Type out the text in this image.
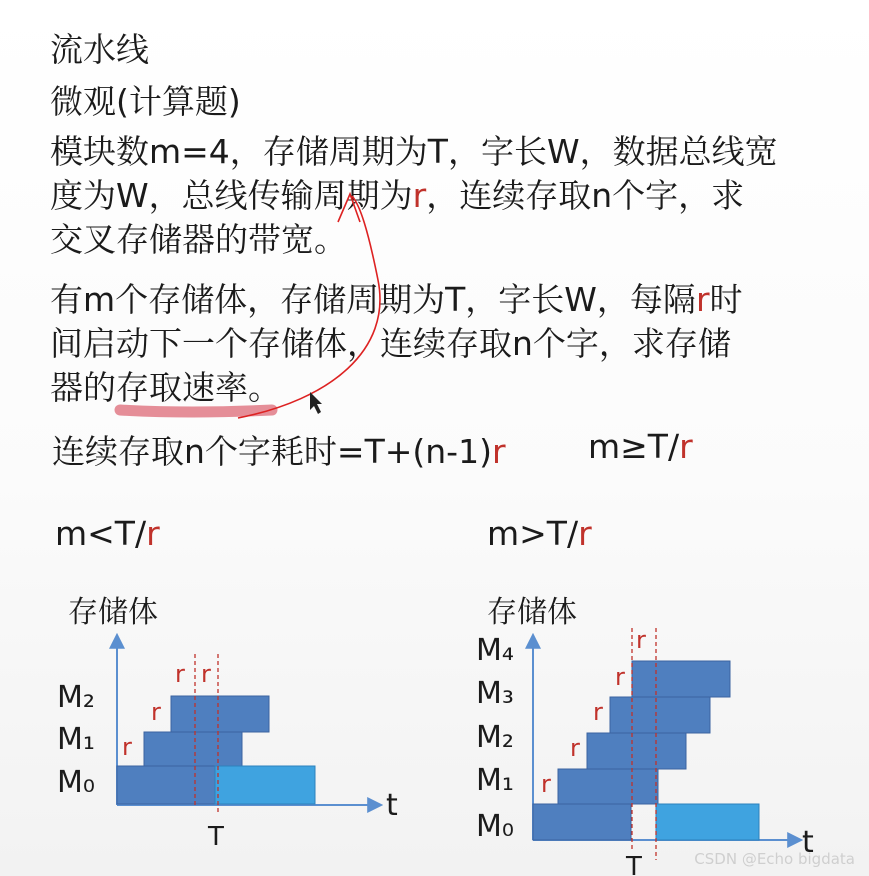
流水线
微观(计算题)
模块数m=4，存储周期为T，字长W，数据总线宽
度为W，总线传输周期为r，连续存取n个字，求
交叉存储器的带宽。
有m个存储体，存储周期为T，字长W，每隔r时
间启动下一个存储体，连续存取n个字，求存储
器的存取速率。
连续存取n个字耗时=T+(n-1)r m≥T/r
m<T/r	m>T/r
存储体
M₂
M₁
M₀
r
r
r r
t
T
存储体
M₄
M₃
M₂
M₁
M₀
r
r
r
r
r
t
T	CSDN @Echo bigdata
